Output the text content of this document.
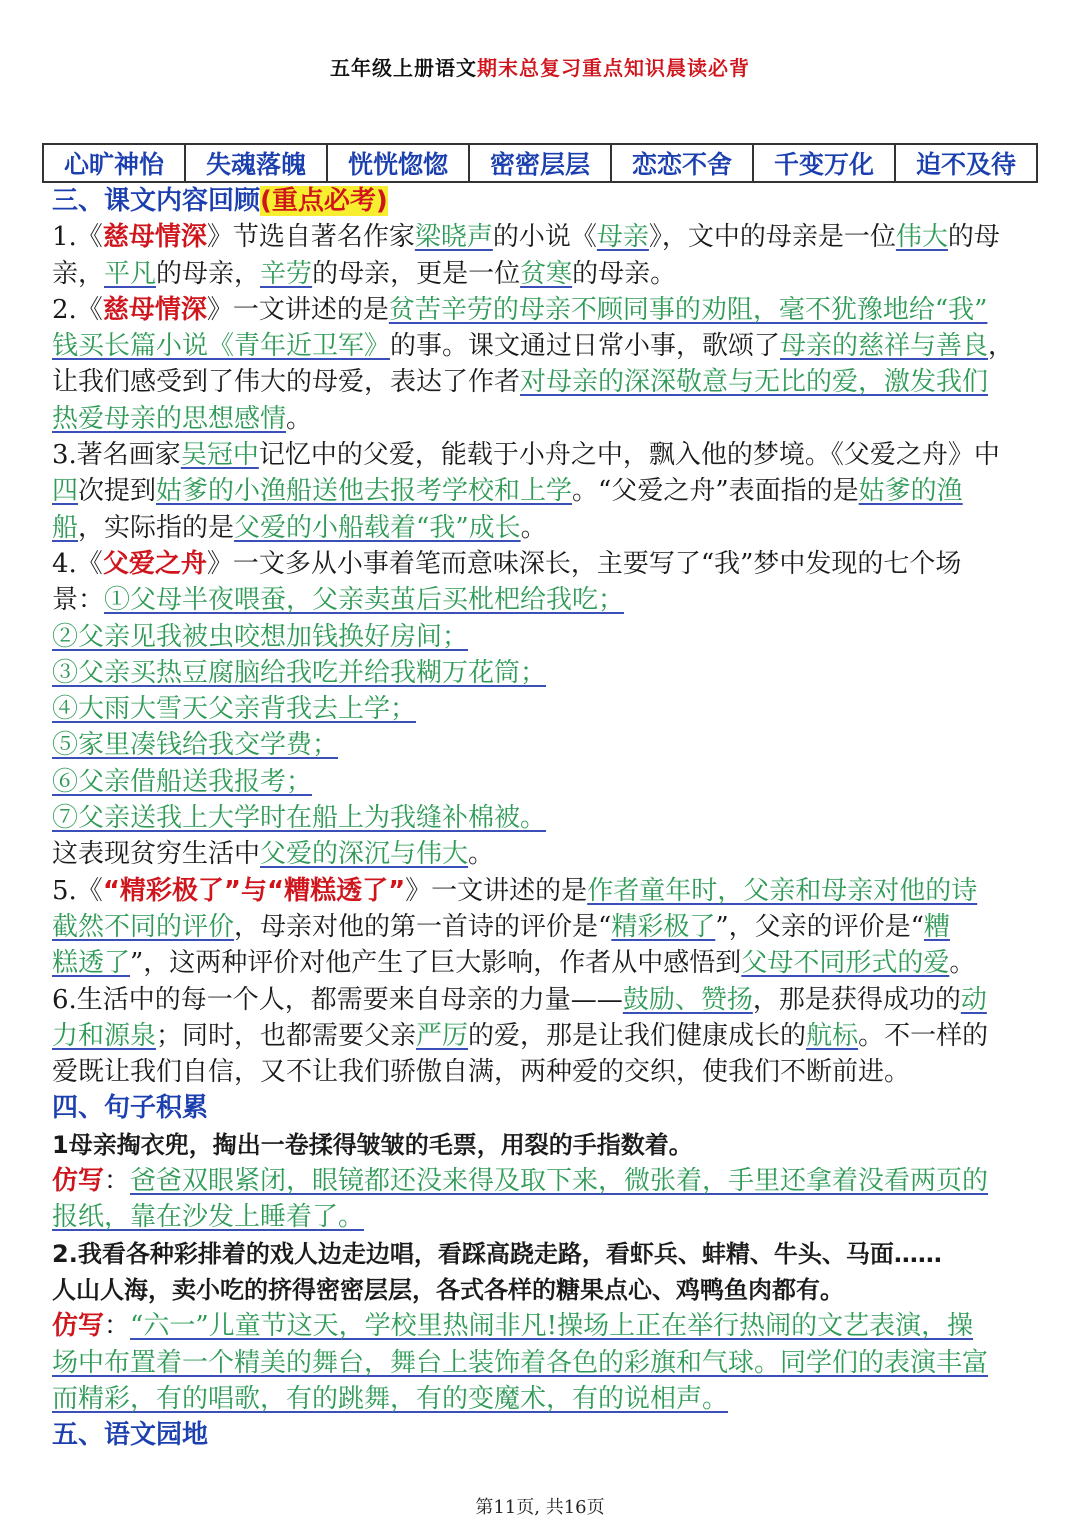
五年级上册语文期末总复习重点知识晨读必背
心旷神怡	失魂落魄	恍恍惚惚	密密层层	恋恋不舍	千变万化	迫不及待
三、课文内容回顾(重点必考)
1.《慈母情深》节选自著名作家梁晓声的小说《母亲》，文中的母亲是一位伟大的母
亲，平凡的母亲，辛劳的母亲，更是一位贫寒的母亲。
2.《慈母情深》一文讲述的是贫苦辛劳的母亲不顾同事的劝阻，毫不犹豫地给“我”
钱买长篇小说《青年近卫军》的事。课文通过日常小事，歌颂了母亲的慈祥与善良，
让我们感受到了伟大的母爱，表达了作者对母亲的深深敬意与无比的爱，激发我们
热爱母亲的思想感情。
3.著名画家吴冠中记忆中的父爱，能载于小舟之中，飘入他的梦境。《父爱之舟》中
四次提到姑爹的小渔船送他去报考学校和上学。“父爱之舟”表面指的是姑爹的渔
船，实际指的是父爱的小船载着“我”成长。
4.《父爱之舟》一文多从小事着笔而意味深长，主要写了“我”梦中发现的七个场
景：①父母半夜喂蚕，父亲卖茧后买枇杷给我吃；
②父亲见我被虫咬想加钱换好房间；
③父亲买热豆腐脑给我吃并给我糊万花筒；
④大雨大雪天父亲背我去上学；
⑤家里凑钱给我交学费；
⑥父亲借船送我报考；
⑦父亲送我上大学时在船上为我缝补棉被。
这表现贫穷生活中父爱的深沉与伟大。
5.《“精彩极了”与“糟糕透了”》一文讲述的是作者童年时，父亲和母亲对他的诗
截然不同的评价，母亲对他的第一首诗的评价是“精彩极了”，父亲的评价是“糟
糕透了”，这两种评价对他产生了巨大影响，作者从中感悟到父母不同形式的爱。
6.生活中的每一个人，都需要来自母亲的力量——鼓励、赞扬，那是获得成功的动
力和源泉；同时，也都需要父亲严厉的爱，那是让我们健康成长的航标。不一样的
爱既让我们自信，又不让我们骄傲自满，两种爱的交织，使我们不断前进。
四、句子积累
1母亲掏衣兜，掏出一卷揉得皱皱的毛票，用裂的手指数着。
仿写：爸爸双眼紧闭，眼镜都还没来得及取下来，微张着，手里还拿着没看两页的
报纸，靠在沙发上睡着了。
2.我看各种彩排着的戏人边走边唱，看踩高跷走路，看虾兵、蚌精、牛头、马面……
人山人海，卖小吃的挤得密密层层，各式各样的糖果点心、鸡鸭鱼肉都有。
仿写：“六一”儿童节这天，学校里热闹非凡!操场上正在举行热闹的文艺表演，操
场中布置着一个精美的舞台，舞台上装饰着各色的彩旗和气球。同学们的表演丰富
而精彩，有的唱歌，有的跳舞，有的变魔术，有的说相声。
五、语文园地
第11页, 共16页
